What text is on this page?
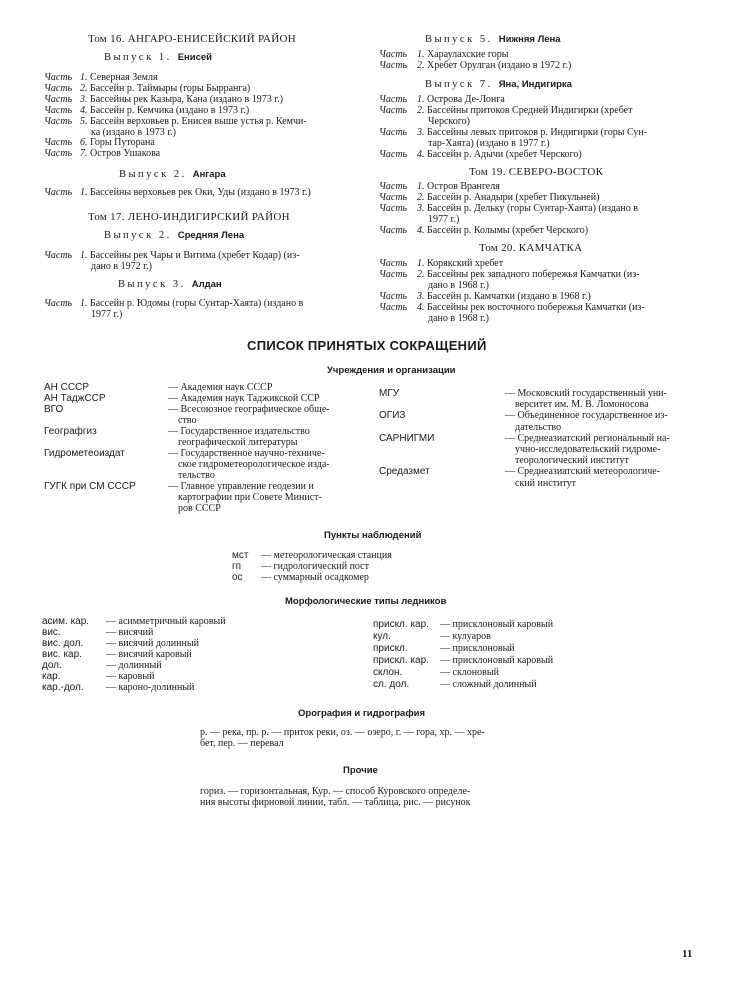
Том 16. АНГАРО-ЕНИСЕЙСКИЙ РАЙОН
Выпуск 1. Енисей
Часть 1. Северная Земля
Часть 2. Бассейн р. Таймыры (горы Бырранга)
Часть 3. Бассейны рек Казыра, Кана (издано в 1973 г.)
Часть 4. Бассейн р. Кемчика (издано в 1973 г.)
Часть 5. Бассейн верховьев р. Енисея выше устья р. Кемчи-
ка (издано в 1973 г.)
Часть 6. Горы Путорана
Часть 7. Остров Ушакова
Выпуск 2. Ангара
Часть 1. Бассейны верховьев рек Оки, Уды (издано в 1973 г.)
Том 17. ЛЕНО-ИНДИГИРСКИЙ РАЙОН
Выпуск 2. Средняя Лена
Часть 1. Бассейны рек Чары и Витима (хребет Кодар) (из-
дано в 1972 г.)
Выпуск 3. Алдан
Часть 1. Бассейн р. Юдомы (горы Сунтар-Хаята) (издано в
1977 г.)
Выпуск 5. Нижняя Лена
Часть 1. Хараулахские горы
Часть 2. Хребет Орулган (издано в 1972 г.)
Выпуск 7. Яна, Индигирка
Часть 1. Острова Де-Лонга
Часть 2. Бассейны притоков Средней Индигирки (хребет
Черского)
Часть 3. Бассейны левых притоков р. Индигирки (горы Сун-
тар-Хаята) (издано в 1977 г.)
Часть 4. Бассейн р. Адычи (хребет Черского)
Том 19. СЕВЕРО-ВОСТОК
Часть 1. Остров Врангеля
Часть 2. Бассейн р. Анадыри (хребет Пикульней)
Часть 3. Бассейн р. Дельку (горы Сунтар-Хаята) (издано в
1977 г.)
Часть 4. Бассейн р. Колымы (хребет Черского)
Том 20. КАМЧАТКА
Часть 1. Корякский хребет
Часть 2. Бассейны рек западного побережья Камчатки (из-
дано в 1968 г.)
Часть 3. Бассейн р. Камчатки (издано в 1968 г.)
Часть 4. Бассейны рек восточного побережья Камчатки (из-
дано в 1968 г.)
СПИСОК ПРИНЯТЫХ СОКРАЩЕНИЙ
Учреждения и организации
АН СССР	— Академия наук СССР
АН ТаджССР	— Академия наук Таджикской ССР
ВГО	— Всесоюзное географическое обще-
ство
Географгиз	— Государственное издательство
географической литературы
Гидрометеоиздат	— Государственное научно-техниче-
ское гидрометеорологическое изда-
тельство
ГУГК при СМ СССР	— Главное управление геодезии и
картографии при Совете Минист-
ров СССР
МГУ	— Московский государственный уни-
верситет им. М. В. Ломоносова
ОГИЗ	— Объединенное государственное из-
дательство
САРНИГМИ	— Среднеазиатский региональный на-
учно-исследовательский гидроме-
теорологический институт
Средазмет	— Среднеазиатский метеорологиче-
ский институт
Пункты наблюдений
мст — метеорологическая станция
гп — гидрологический пост
ос — суммарный осадкомер
Морфологические типы ледников
асим. кар. — асимметричный каровый
вис.	— висячий
вис. дол. — висячий долинный
вис. кар. — висячий каровый
дол.	— долинный
кар.	— каровый
кар.-дол. — кароно-долинный
прискл. кар. — присклоновый каровый
кул.	— кулуаров
прискл.	— присклоновый
прискл. кар. — присклоновый каровый
склон.	— склоновый
сл. дол.	— сложный долинный
Орография и гидрография
р. — река, пр. р. — приток реки, оз. — озеро, г. — гора, хр. — хре-
бет, пер. — перевал
Прочие
гориз. — горизонтальная, Кур. — способ Куровского определе-
ния высоты фирновой линии, табл. — таблица, рис. — рисунок
11
